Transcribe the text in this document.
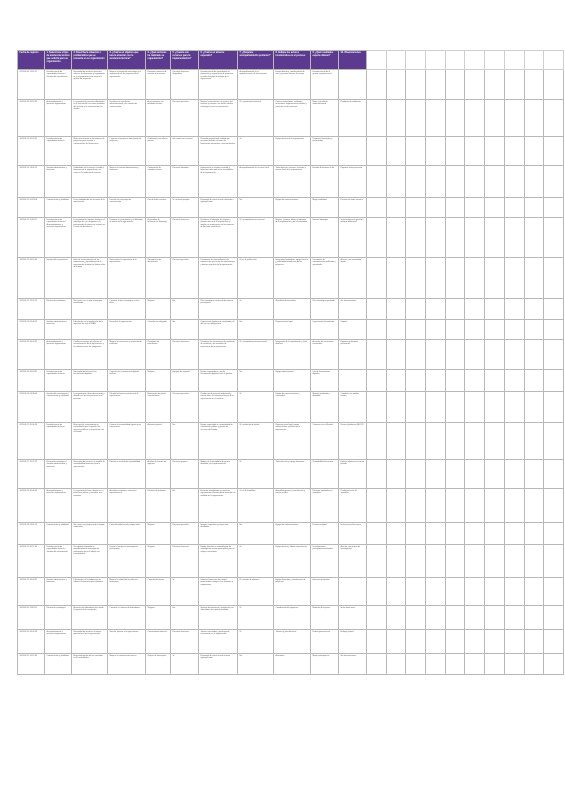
Fecha de registro	1. Seleccione el tipo de asistencia técnica que solicita para su organización	2. Describa la situación o problemática que se presenta en su organización	3. ¿Cuál es el objetivo que busca alcanzar con la asistencia técnica?	4. ¿Qué acciones ha realizado su organización?	5. ¿Cuenta con recursos para la implementación?	6. ¿Cuál es el alcance esperado?	7. ¿Requiere acompañamiento posterior?	8. Indique los actores involucrados en el proceso	9. ¿Qué resultados espera obtener?	10. Observaciones										
2023-01-09 11:54:21	Fortalecimiento de capacidades técnicas / Gestión del conocimiento	Necesidad de fortalecer procesos internos de planeación y seguimiento en la organización para mejorar la gestión de proyectos.	Mejorar la planeación estratégica y el seguimiento de los proyectos de la organización.	Reuniones internas de revisión de procesos.	Recursos humanos disponibles.	Fortalecimiento de capacidades en planeación y seguimiento de proyectos en todo el equipo de trabajo de la organización.	Acompañamiento en la implementación de herramientas.	Equipo directivo, coordinadores de área y personal técnico de campo.	Fortalecimiento de la gestión organizacional.											
2023-01-09 12:10:33	Acompañamiento a procesos organizativos	La organización presenta dificultades en la articulación con otras entidades del territorio y la comunicación con aliados.	Fortalecer la articulación interinstitucional y los canales de comunicación.	Acercamientos con entidades locales.	Recursos parciales.	Mejorar la articulación con actores del territorio y construir una red de aliados estratégicos para la organización.	Sí, seguimiento trimestral.	Líderes comunitarios, entidades territoriales, organizaciones aliadas y juntas de acción comunal.	Mayor articulación interinstitucional.	Pendiente de validación.										
2023-01-10 09:22:45	Fortalecimiento de capacidades técnicas	Bajo conocimiento en formulación de proyectos para acceder a convocatorias de financiación.	Capacitar al equipo en formulación de proyectos.	Participación en talleres previos.	No cuenta con recursos.	Formular proyectos de calidad que permitan acceder a fuentes de financiación nacionales e internacionales.	Sí.	Equipo técnico de la organización.	Proyectos formulados y presentados.											
2023-01-10 14:05:12	Gestión administrativa y financiera	Debilidades en el manejo contable y financiero de la organización, así como en la rendición de cuentas.	Mejorar el sistema administrativo y financiero.	Contratación de contador externo.	Recursos limitados.	Implementar un sistema contable y financiero adecuado a las necesidades de la organización.	Acompañamiento en el cierre fiscal.	Junta directiva, tesorero, contador y revisor fiscal de la organización.	Estados financieros al día.	Requiere visita presencial.										
2023-01-11 10:30:08	Comunicación y visibilidad	Poca visibilidad de las acciones de la organización.	Diseñar una estrategia de comunicación.	Uso de redes sociales.	Sí, recursos propios.	Estrategia de comunicación diseñada e implementada.	No.	Equipo de comunicaciones.	Mayor visibilidad.	Priorizar en redes sociales.										
2023-01-11 15:48:27	Fortalecimiento de capacidades técnicas / Acompañamiento a procesos organizativos	La organización requiere fortalecer el liderazgo de sus integrantes y la participación de jóvenes y mujeres en la toma de decisiones.	Promover la participación y el liderazgo al interior de la organización.	Encuentros de formación en liderazgo.	Recursos humanos.	Fortalecer el liderazgo de mujeres y jóvenes dentro de la organización y ampliar su participación en los espacios de decisión comunitaria.	Sí, acompañamiento mensual.	Mujeres, jóvenes, líderes y lideresas de la organización y de la comunidad.	Nuevos liderazgos.	Incluir enfoque de género y enfoque diferencial.										
2023-01-12 08:15:40	Gestión del conocimiento	Falta de sistematización de las experiencias y aprendizajes de la organización durante los últimos años de trabajo.	Sistematizar la experiencia de la organización.	Recopilación de documentos.	Recursos parciales.	Documento de sistematización de experiencias que recoja los aprendizajes y buenas prácticas de la organización.	Sí, en la publicación.	Integrantes fundadores, equipo técnico y comunidad beneficiaria de los proyectos.	Documento de sistematización publicado y socializado.	Articular con universidad aliada.										
2023-01-12 13:27:55	Planeación estratégica	No cuenta con un plan estratégico actualizado.	Construir el plan estratégico a cinco años.	Ninguna.	No.	Plan estratégico construido de manera participativa.	Sí.	Asamblea de asociados.	Plan estratégico aprobado.	Sin observaciones.										
2023-01-13 09:44:19	Gestión administrativa y financiera	Dificultades en la legalización de la organización ante la DIAN.	Formalizar la organización.	Consulta con abogado.	No.	Organización legalmente constituida y al día con sus obligaciones.	No.	Representante legal.	Organización formalizada.	Urgente.										
2023-01-13 16:02:31	Acompañamiento a procesos organizativos	Conflictos internos que afectan el funcionamiento de la organización y la confianza entre los integrantes.	Mejorar la convivencia y resolución de conflictos.	Reuniones de conciliación.	Recursos humanos.	Fortalecer los mecanismos de resolución de conflictos y los acuerdos de convivencia de la organización.	Sí, acompañamiento psicosocial.	Integrantes de la organización y junta directiva.	Acuerdos de convivencia construidos.	Requiere profesional psicosocial.										
2023-01-16 10:18:47	Fortalecimiento de capacidades técnicas	Necesidad de formación en herramientas digitales.	Capacitar en herramientas digitales básicas.	Ninguna.	Equipos de cómputo.	Equipo capacitado en uso de herramientas digitales para la gestión.	No.	Equipo administrativo.	Uso de herramientas digitales.											
2023-01-16 14:36:02	Gestión del conocimiento / Comunicación y visibilidad	La organización desea documentar y difundir sus buenas prácticas en el territorio.	Difundir las buenas prácticas de la organización.	Elaboración de piezas comunicativas.	Recursos parciales.	Producción de material audiovisual y escrito sobre las buenas prácticas de la organización en el territorio.	Sí.	Equipo de comunicaciones y comunidad.	Material producido y difundido.	Coordinar con medios locales.										
2023-01-17 09:05:58	Fortalecimiento de capacidades técnicas	Bajo nivel de conocimiento en normatividad para la gestión de recursos públicos y contratación con el Estado.	Conocer la normatividad vigente para contratación.	Asesoría puntual.	No.	Equipo capacitado en normatividad de contratación pública y gestión de recursos del Estado.	Sí, resolución de dudas.	Representante legal, equipo administrativo y jurídico de la organización.	Contratos con el Estado.	Revisar plataforma SECOP.										
2023-01-17 15:22:13	Planeación estratégica / Gestión administrativa y financiera	Necesidad de construir un modelo de sostenibilidad financiera para la organización.	Diseñar un modelo de sostenibilidad.	Análisis de fuentes de ingresos.	Recursos propios.	Modelo de sostenibilidad financiera diseñado y en implementación.	Sí.	Junta directiva y equipo financiero.	Sostenibilidad financiera.	Explorar alianzas con sector privado.										
2023-01-18 10:40:26	Acompañamiento a procesos organizativos	La organización busca fortalecer su estructura interna y actualizar sus estatutos.	Actualizar estatutos y estructura organizacional.	Revisión de estatutos.	No.	Estatutos actualizados y estructura organizacional fortalecida de acuerdo a la realidad de la organización.	Sí, en la asamblea.	Asamblea general, junta directiva y asesor jurídico.	Estatutos aprobados en asamblea.	Pendiente fecha de asamblea.										
2023-01-18 16:11:49	Comunicación y visibilidad	No cuenta con página web ni imagen corporativa.	Crear identidad visual y página web.	Ninguna.	Recursos parciales.	Imagen corporativa y página web diseñadas.	No.	Equipo de comunicaciones.	Presencia digital.	Incluir manual de marca.										
2023-01-19 09:57:04	Fortalecimiento de capacidades técnicas / Gestión del conocimiento	Se requiere formación en metodologías de investigación participativa para el trabajo con comunidades.	Formar al equipo en investigación participativa.	Ninguna.	Recursos humanos.	Equipo formado en metodologías de investigación acción participativa para el trabajo comunitario.	Sí.	Equipo técnico y líderes comunitarios.	Investigaciones participativas realizadas.	Articular con grupos de investigación.										
2023-01-19 14:28:37	Gestión administrativa y financiera	Dificultades en la elaboración de informes financieros para donantes.	Mejorar la calidad de los informes financieros.	Capacitación previa.	Sí.	Informes financieros de calidad presentados a tiempo a los donantes y cooperantes.	Sí, revisión de informes.	Equipo financiero y coordinación de proyectos.	Informes aprobados.											
2023-01-20 11:03:52	Planeación estratégica	Ausencia de indicadores para medir el impacto de los proyectos.	Construir un sistema de indicadores.	Ninguna.	No.	Sistema de monitoreo y evaluación con indicadores de impacto diseñado.	Sí.	Coordinación de proyectos.	Medición de impacto.	Incluir línea base.										
2023-01-20 16:45:18	Acompañamiento a procesos organizativos	Necesidad de fortalecer el relevo generacional en la organización.	Vincular jóvenes a la organización.	Convocatorias abiertas.	Recursos humanos.	Jóvenes vinculados y participando activamente en la organización.	Sí.	Jóvenes y junta directiva.	Relevo generacional.	Enfoque juvenil.										
2023-01-23 10:12:44	Comunicación y visibilidad	Baja participación de los asociados en las actividades.	Mejorar la comunicación interna.	Grupos de mensajería.	Sí.	Estrategia de comunicación interna implementada.	No.	Asociados.	Mayor participación.	Sin observaciones.										
